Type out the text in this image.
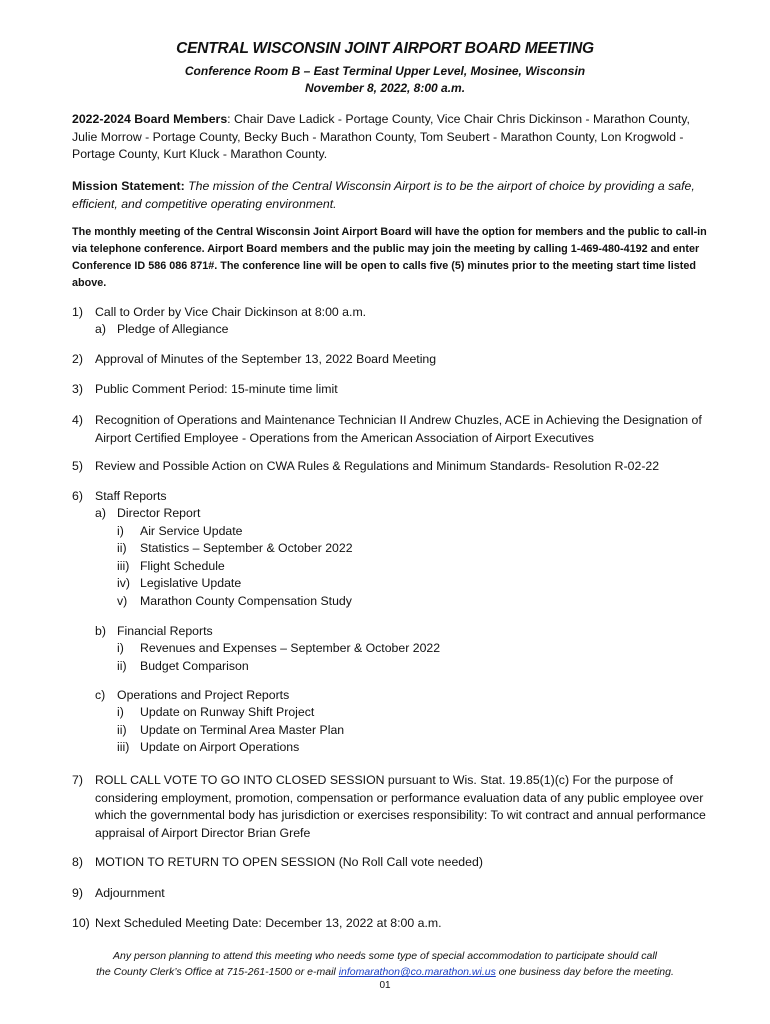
CENTRAL WISCONSIN JOINT AIRPORT BOARD MEETING
Conference Room B – East Terminal Upper Level, Mosinee, Wisconsin
November 8, 2022, 8:00 a.m.
2022-2024 Board Members: Chair Dave Ladick - Portage County, Vice Chair Chris Dickinson - Marathon County, Julie Morrow - Portage County, Becky Buch - Marathon County, Tom Seubert - Marathon County, Lon Krogwold - Portage County, Kurt Kluck - Marathon County.
Mission Statement: The mission of the Central Wisconsin Airport is to be the airport of choice by providing a safe, efficient, and competitive operating environment.
The monthly meeting of the Central Wisconsin Joint Airport Board will have the option for members and the public to call-in via telephone conference. Airport Board members and the public may join the meeting by calling 1-469-480-4192 and enter Conference ID 586 086 871#. The conference line will be open to calls five (5) minutes prior to the meeting start time listed above.
1) Call to Order by Vice Chair Dickinson at 8:00 a.m.
a) Pledge of Allegiance
2) Approval of Minutes of the September 13, 2022 Board Meeting
3) Public Comment Period: 15-minute time limit
4) Recognition of Operations and Maintenance Technician II Andrew Chuzles, ACE in Achieving the Designation of Airport Certified Employee - Operations from the American Association of Airport Executives
5) Review and Possible Action on CWA Rules & Regulations and Minimum Standards- Resolution R-02-22
6) Staff Reports
a) Director Report
i) Air Service Update
ii) Statistics – September & October 2022
iii) Flight Schedule
iv) Legislative Update
v) Marathon County Compensation Study
b) Financial Reports
i) Revenues and Expenses – September & October 2022
ii) Budget Comparison
c) Operations and Project Reports
i) Update on Runway Shift Project
ii) Update on Terminal Area Master Plan
iii) Update on Airport Operations
7) ROLL CALL VOTE TO GO INTO CLOSED SESSION pursuant to Wis. Stat. 19.85(1)(c) For the purpose of considering employment, promotion, compensation or performance evaluation data of any public employee over which the governmental body has jurisdiction or exercises responsibility: To wit contract and annual performance appraisal of Airport Director Brian Grefe
8) MOTION TO RETURN TO OPEN SESSION (No Roll Call vote needed)
9) Adjournment
10) Next Scheduled Meeting Date: December 13, 2022 at 8:00 a.m.
Any person planning to attend this meeting who needs some type of special accommodation to participate should call
the County Clerk’s Office at 715-261-1500 or e-mail infomarathon@co.marathon.wi.us one business day before the meeting.
01
